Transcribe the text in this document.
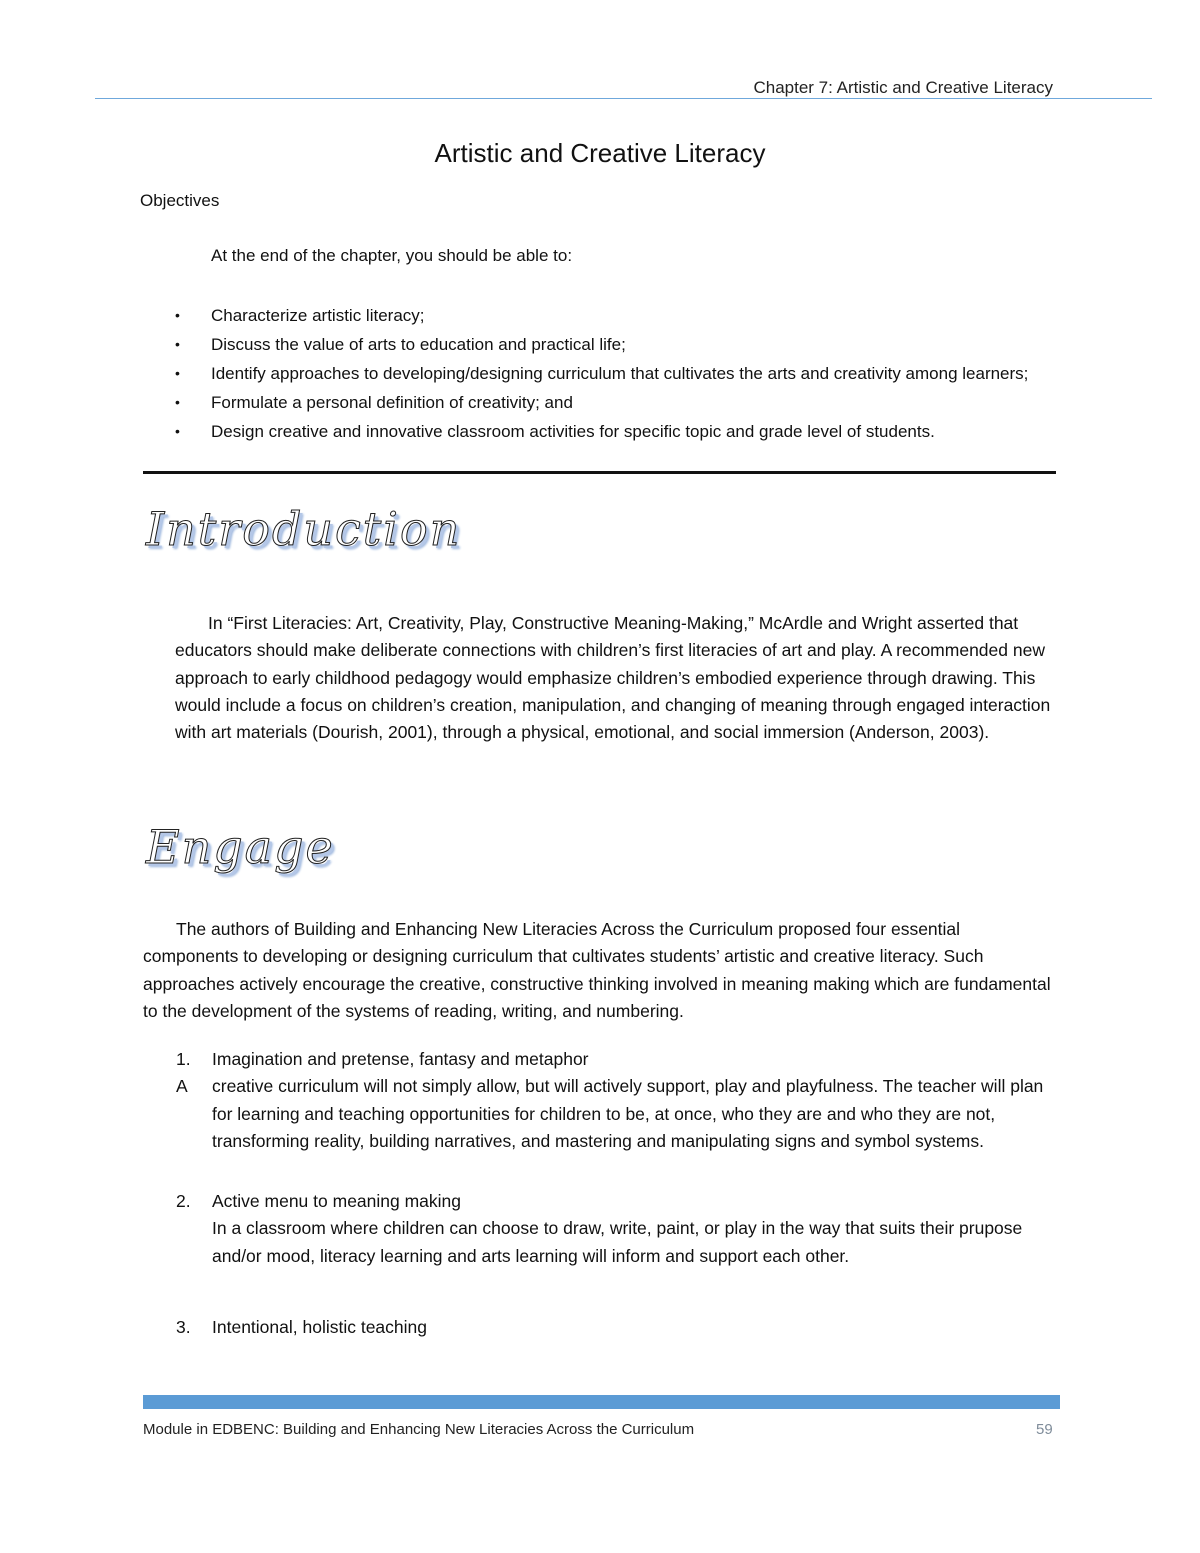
Chapter 7: Artistic and Creative Literacy
Artistic and Creative Literacy
Objectives
At the end of the chapter, you should be able to:
• Characterize artistic literacy;
• Discuss the value of arts to education and practical life;
• Identify approaches to developing/designing curriculum that cultivates the arts and creativity among learners;
• Formulate a personal definition of creativity; and
• Design creative and innovative classroom activities for specific topic and grade level of students.
Introduction
In “First Literacies: Art, Creativity, Play, Constructive Meaning-Making,” McArdle and Wright asserted that educators should make deliberate connections with children’s first literacies of art and play. A recommended new approach to early childhood pedagogy would emphasize children’s embodied experience through drawing. This would include a focus on children’s creation, manipulation, and changing of meaning through engaged interaction with art materials (Dourish, 2001), through a physical, emotional, and social immersion (Anderson, 2003).
Engage
The authors of Building and Enhancing New Literacies Across the Curriculum proposed four essential components to developing or designing curriculum that cultivates students’ artistic and creative literacy. Such approaches actively encourage the creative, constructive thinking involved in meaning making which are fundamental to the development of the systems of reading, writing, and numbering.
1. Imagination and pretense, fantasy and metaphor
A creative curriculum will not simply allow, but will actively support, play and playfulness. The teacher will plan for learning and teaching opportunities for children to be, at once, who they are and who they are not, transforming reality, building narratives, and mastering and manipulating signs and symbol systems.
2. Active menu to meaning making
In a classroom where children can choose to draw, write, paint, or play in the way that suits their prupose and/or mood, literacy learning and arts learning will inform and support each other.
3. Intentional, holistic teaching
Module in EDBENC: Building and Enhancing New Literacies Across the Curriculum	59
